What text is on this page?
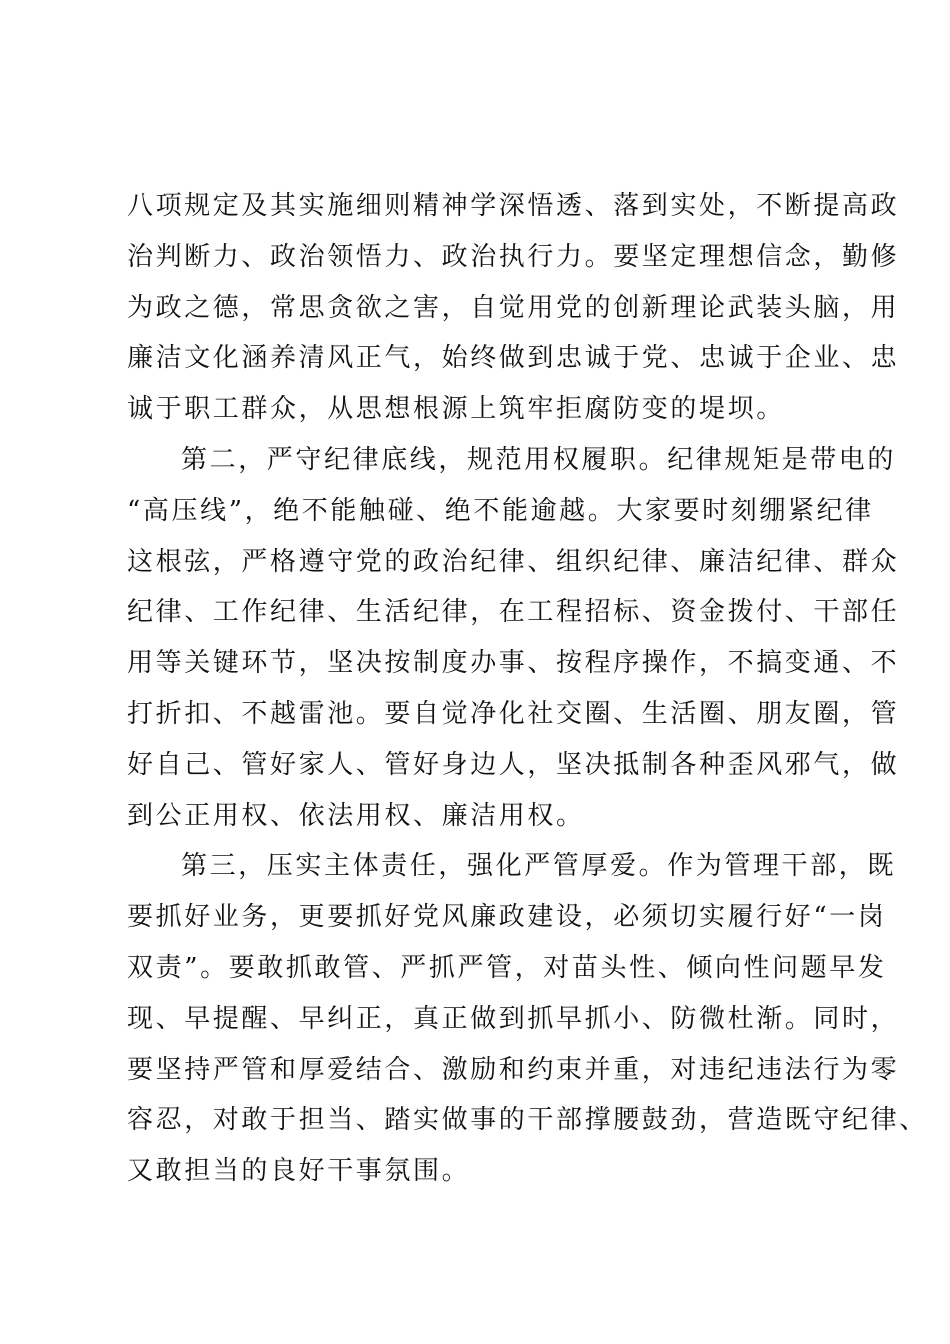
八项规定及其实施细则精神学深悟透、落到实处，不断提高政
治判断力、政治领悟力、政治执行力。要坚定理想信念，勤修
为政之德，常思贪欲之害，自觉用党的创新理论武装头脑，用
廉洁文化涵养清风正气，始终做到忠诚于党、忠诚于企业、忠
诚于职工群众，从思想根源上筑牢拒腐防变的堤坝。
第二，严守纪律底线，规范用权履职。纪律规矩是带电的
“高压线”，绝不能触碰、绝不能逾越。大家要时刻绷紧纪律
这根弦，严格遵守党的政治纪律、组织纪律、廉洁纪律、群众
纪律、工作纪律、生活纪律，在工程招标、资金拨付、干部任
用等关键环节，坚决按制度办事、按程序操作，不搞变通、不
打折扣、不越雷池。要自觉净化社交圈、生活圈、朋友圈，管
好自己、管好家人、管好身边人，坚决抵制各种歪风邪气，做
到公正用权、依法用权、廉洁用权。
第三，压实主体责任，强化严管厚爱。作为管理干部，既
要抓好业务，更要抓好党风廉政建设，必须切实履行好“一岗
双责”。要敢抓敢管、严抓严管，对苗头性、倾向性问题早发
现、早提醒、早纠正，真正做到抓早抓小、防微杜渐。同时，
要坚持严管和厚爱结合、激励和约束并重，对违纪违法行为零
容忍，对敢于担当、踏实做事的干部撑腰鼓劲，营造既守纪律、
又敢担当的良好干事氛围。
